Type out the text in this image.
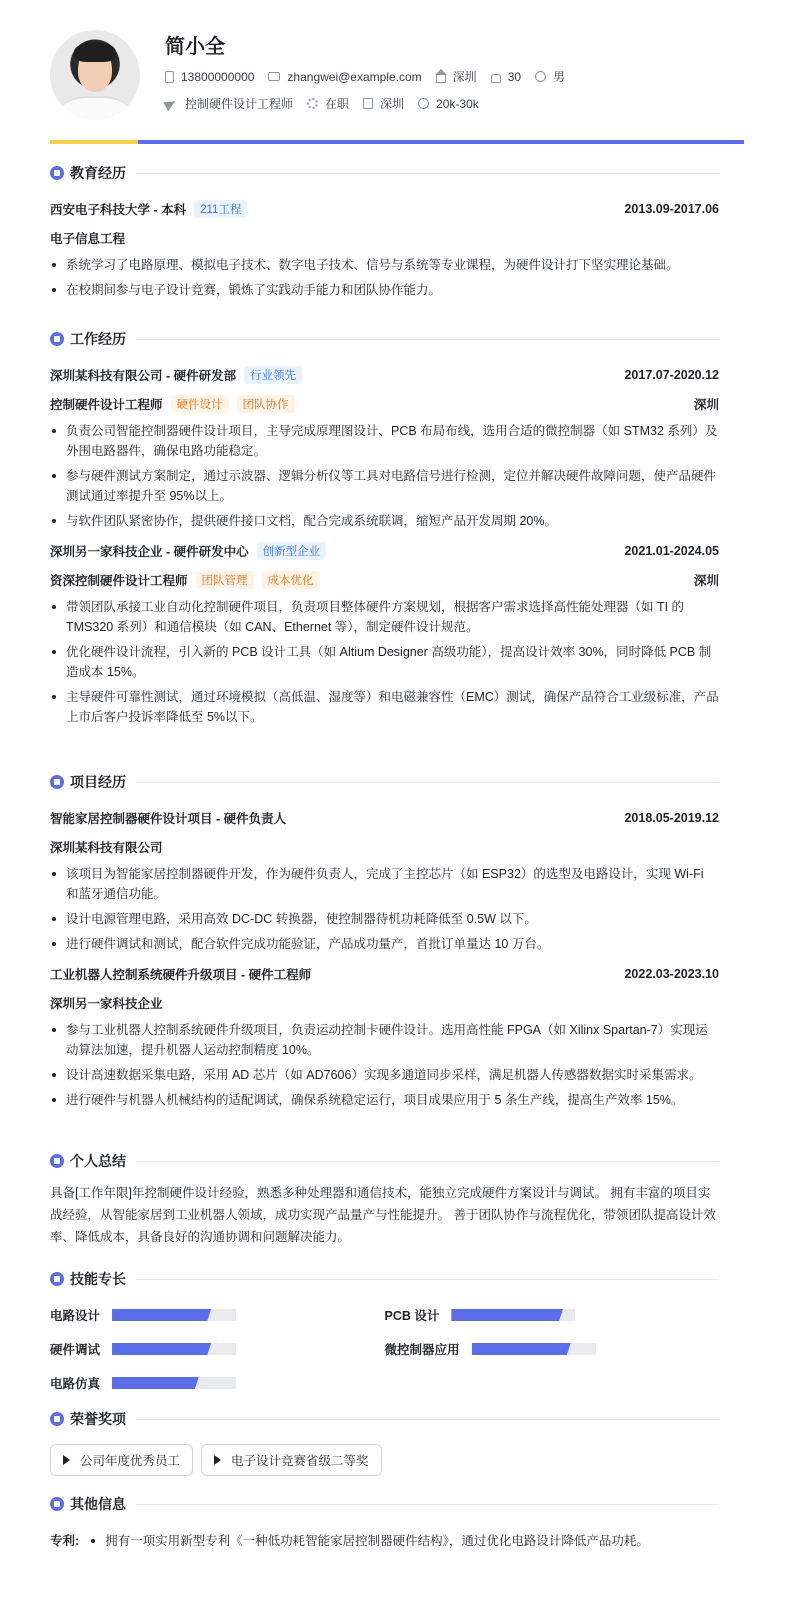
简小全
13800000000	zhangwei@example.com	深圳	30	男
控制硬件设计工程师	在职	深圳	20k-30k
教育经历
西安电子科技大学 - 本科	211工程	2013.09-2017.06
电子信息工程
系统学习了电路原理、模拟电子技术、数字电子技术、信号与系统等专业课程，为硬件设计打下坚实理论基础。
在校期间参与电子设计竞赛，锻炼了实践动手能力和团队协作能力。
工作经历
深圳某科技有限公司 - 硬件研发部	行业领先	2017.07-2020.12
控制硬件设计工程师	硬件设计	团队协作	深圳
负责公司智能控制器硬件设计项目，主导完成原理图设计、PCB 布局布线，选用合适的微控制器（如 STM32 系列）及外围电路器件，确保电路功能稳定。
参与硬件测试方案制定，通过示波器、逻辑分析仪等工具对电路信号进行检测，定位并解决硬件故障问题，使产品硬件测试通过率提升至 95%以上。
与软件团队紧密协作，提供硬件接口文档，配合完成系统联调，缩短产品开发周期 20%。
深圳另一家科技企业 - 硬件研发中心	创新型企业	2021.01-2024.05
资深控制硬件设计工程师	团队管理	成本优化	深圳
带领团队承接工业自动化控制硬件项目，负责项目整体硬件方案规划，根据客户需求选择高性能处理器（如 TI 的 TMS320 系列）和通信模块（如 CAN、Ethernet 等），制定硬件设计规范。
优化硬件设计流程，引入新的 PCB 设计工具（如 Altium Designer 高级功能），提高设计效率 30%，同时降低 PCB 制造成本 15%。
主导硬件可靠性测试，通过环境模拟（高低温、湿度等）和电磁兼容性（EMC）测试，确保产品符合工业级标准，产品上市后客户投诉率降低至 5%以下。
项目经历
智能家居控制器硬件设计项目 - 硬件负责人	2018.05-2019.12
深圳某科技有限公司
该项目为智能家居控制器硬件开发，作为硬件负责人，完成了主控芯片（如 ESP32）的选型及电路设计，实现 Wi-Fi 和蓝牙通信功能。
设计电源管理电路，采用高效 DC-DC 转换器，使控制器待机功耗降低至 0.5W 以下。
进行硬件调试和测试，配合软件完成功能验证，产品成功量产，首批订单量达 10 万台。
工业机器人控制系统硬件升级项目 - 硬件工程师	2022.03-2023.10
深圳另一家科技企业
参与工业机器人控制系统硬件升级项目，负责运动控制卡硬件设计。选用高性能 FPGA（如 Xilinx Spartan-7）实现运动算法加速，提升机器人运动控制精度 10%。
设计高速数据采集电路，采用 AD 芯片（如 AD7606）实现多通道同步采样，满足机器人传感器数据实时采集需求。
进行硬件与机器人机械结构的适配调试，确保系统稳定运行，项目成果应用于 5 条生产线，提高生产效率 15%。
个人总结

具备[工作年限]年控制硬件设计经验，熟悉多种处理器和通信技术，能独立完成硬件方案设计与调试。 拥有丰富的项目实战经验，从智能家居到工业机器人领域，成功实现产品量产与性能提升。 善于团队协作与流程优化，带领团队提高设计效率、降低成本，具备良好的沟通协调和问题解决能力。

技能专长
电路设计	PCB 设计
硬件调试	微控制器应用
电路仿真
荣誉奖项
公司年度优秀员工	电子设计竞赛省级二等奖
其他信息
专利:	拥有一项实用新型专利《一种低功耗智能家居控制器硬件结构》，通过优化电路设计降低产品功耗。
